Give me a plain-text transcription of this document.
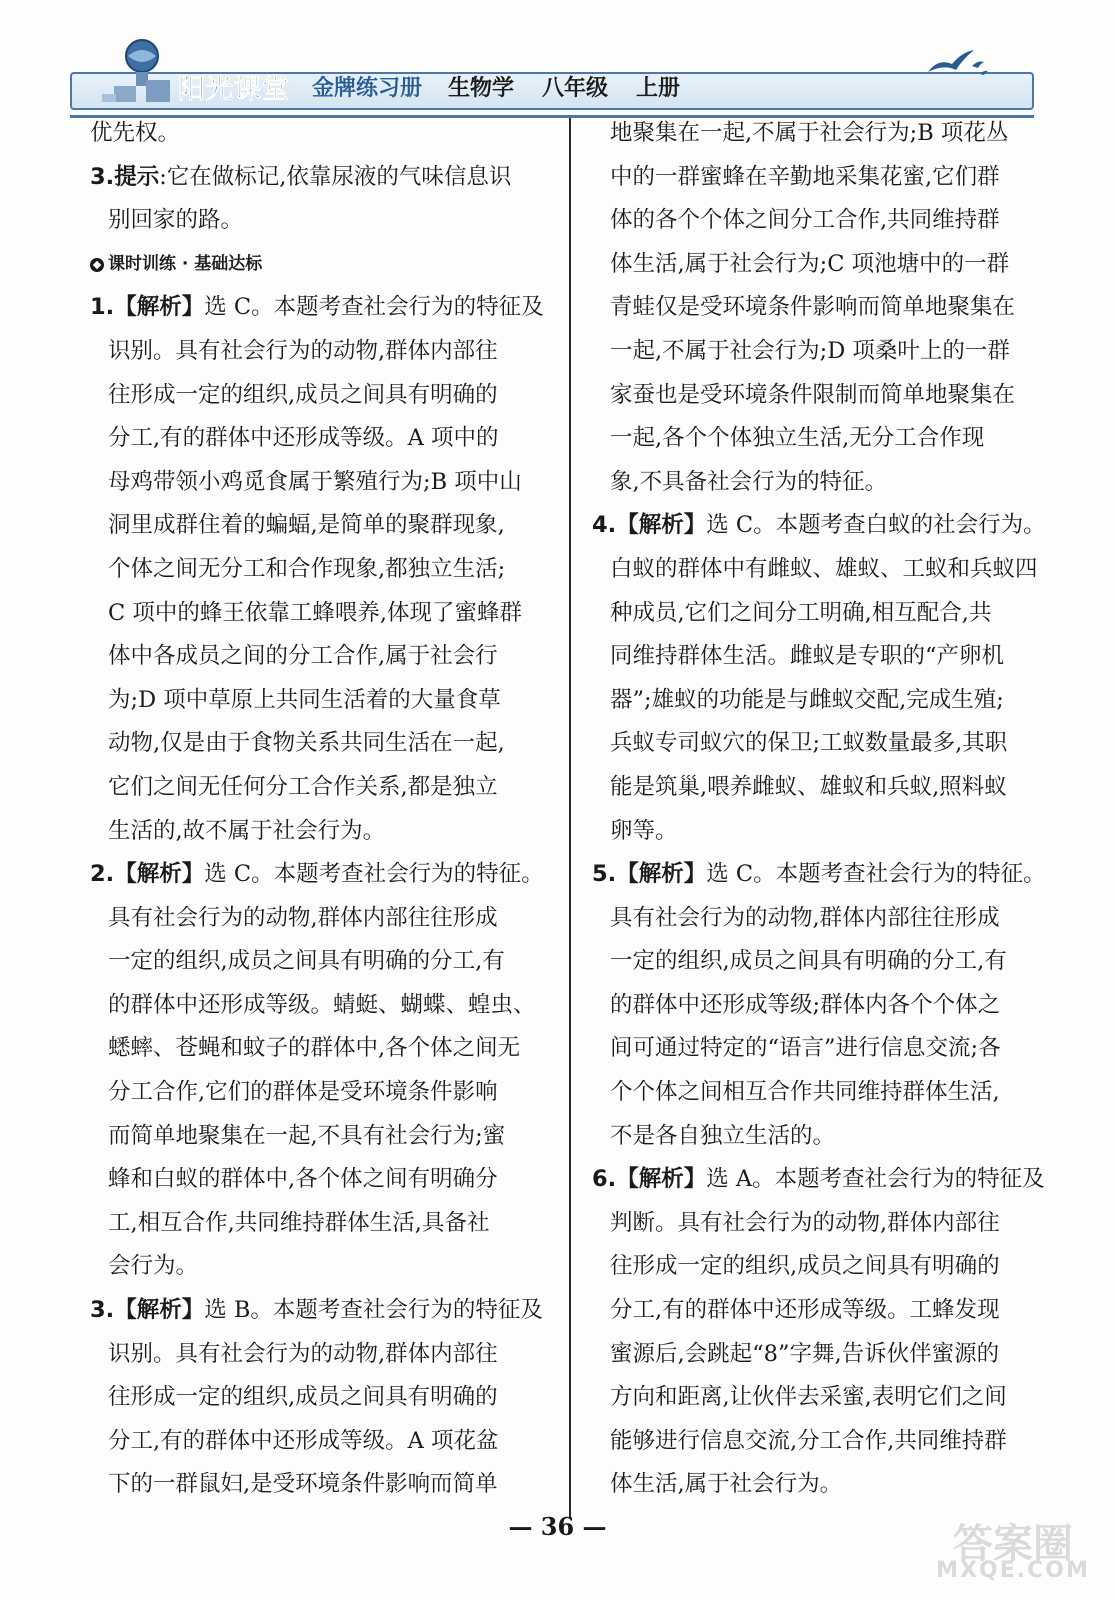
阳光课堂 金牌练习册 生物学 八年级 上册
优先权。
3.提示:它在做标记,依靠尿液的气味信息识
别回家的路。
课时训练 · 基础达标
1.【解析】选 C。本题考查社会行为的特征及
识别。具有社会行为的动物,群体内部往
往形成一定的组织,成员之间具有明确的
分工,有的群体中还形成等级。A 项中的
母鸡带领小鸡觅食属于繁殖行为;B 项中山
洞里成群住着的蝙蝠,是简单的聚群现象,
个体之间无分工和合作现象,都独立生活;
C 项中的蜂王依靠工蜂喂养,体现了蜜蜂群
体中各成员之间的分工合作,属于社会行
为;D 项中草原上共同生活着的大量食草
动物,仅是由于食物关系共同生活在一起,
它们之间无任何分工合作关系,都是独立
生活的,故不属于社会行为。
2.【解析】选 C。本题考查社会行为的特征。
具有社会行为的动物,群体内部往往形成
一定的组织,成员之间具有明确的分工,有
的群体中还形成等级。蜻蜓、蝴蝶、蝗虫、
蟋蟀、苍蝇和蚊子的群体中,各个体之间无
分工合作,它们的群体是受环境条件影响
而简单地聚集在一起,不具有社会行为;蜜
蜂和白蚁的群体中,各个体之间有明确分
工,相互合作,共同维持群体生活,具备社
会行为。
3.【解析】选 B。本题考查社会行为的特征及
识别。具有社会行为的动物,群体内部往
往形成一定的组织,成员之间具有明确的
分工,有的群体中还形成等级。A 项花盆
下的一群鼠妇,是受环境条件影响而简单
地聚集在一起,不属于社会行为;B 项花丛
中的一群蜜蜂在辛勤地采集花蜜,它们群
体的各个个体之间分工合作,共同维持群
体生活,属于社会行为;C 项池塘中的一群
青蛙仅是受环境条件影响而简单地聚集在
一起,不属于社会行为;D 项桑叶上的一群
家蚕也是受环境条件限制而简单地聚集在
一起,各个个体独立生活,无分工合作现
象,不具备社会行为的特征。
4.【解析】选 C。本题考查白蚁的社会行为。
白蚁的群体中有雌蚁、雄蚁、工蚁和兵蚁四
种成员,它们之间分工明确,相互配合,共
同维持群体生活。雌蚁是专职的“产卵机
器”;雄蚁的功能是与雌蚁交配,完成生殖;
兵蚁专司蚁穴的保卫;工蚁数量最多,其职
能是筑巢,喂养雌蚁、雄蚁和兵蚁,照料蚁
卵等。
5.【解析】选 C。本题考查社会行为的特征。
具有社会行为的动物,群体内部往往形成
一定的组织,成员之间具有明确的分工,有
的群体中还形成等级;群体内各个个体之
间可通过特定的“语言”进行信息交流;各
个个体之间相互合作共同维持群体生活,
不是各自独立生活的。
6.【解析】选 A。本题考查社会行为的特征及
判断。具有社会行为的动物,群体内部往
往形成一定的组织,成员之间具有明确的
分工,有的群体中还形成等级。工蜂发现
蜜源后,会跳起“8”字舞,告诉伙伴蜜源的
方向和距离,让伙伴去采蜜,表明它们之间
能够进行信息交流,分工合作,共同维持群
体生活,属于社会行为。
— 36 —	答案圈
MXQE.COM
